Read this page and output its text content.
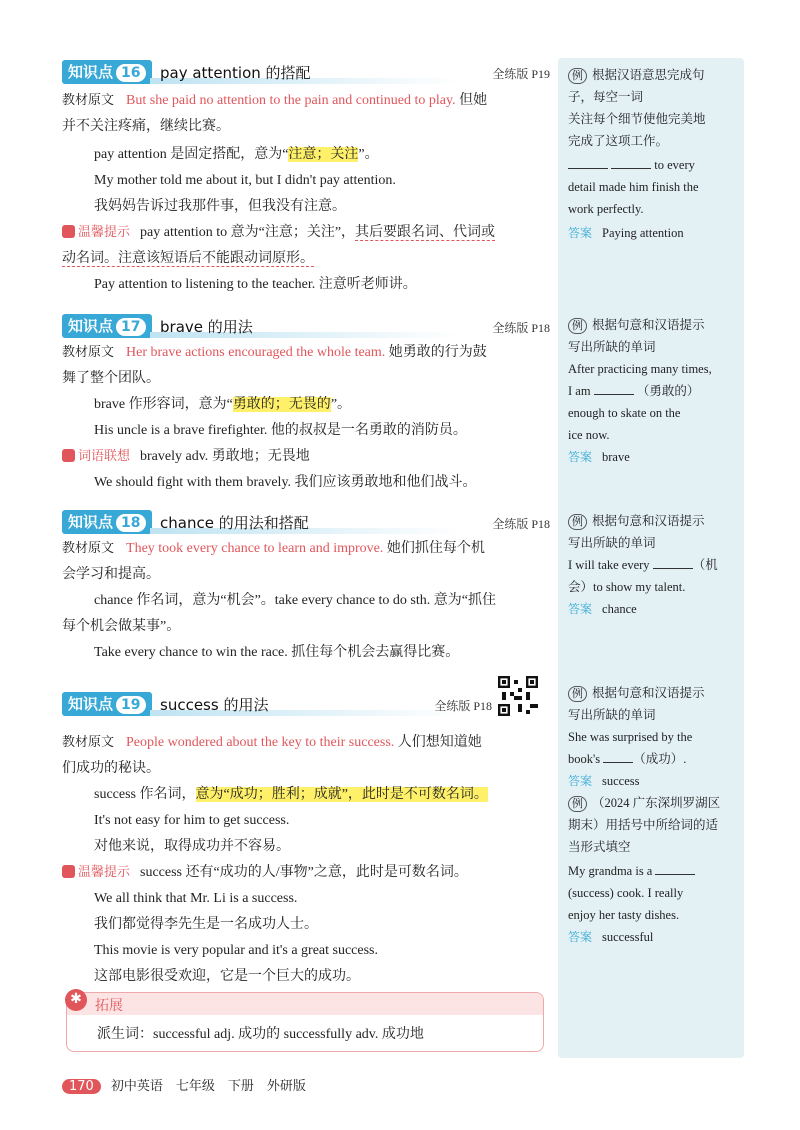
知识点 16	pay attention 的搭配	全练版 P19
教材原文 But she paid no attention to the pain and continued to play. 但她
并不关注疼痛，继续比赛。
pay attention 是固定搭配，意为“注意；关注”。
My mother told me about it, but I didn't pay attention.
我妈妈告诉过我那件事，但我没有注意。
温馨提示 pay attention to 意为“注意；关注”，其后要跟名词、代词或
动名词。注意该短语后不能跟动词原形。
Pay attention to listening to the teacher. 注意听老师讲。
知识点 17	brave 的用法	全练版 P18
教材原文 Her brave actions encouraged the whole team. 她勇敢的行为鼓
舞了整个团队。
brave 作形容词，意为“勇敢的；无畏的”。
His uncle is a brave firefighter. 他的叔叔是一名勇敢的消防员。
词语联想 bravely adv. 勇敢地；无畏地
We should fight with them bravely. 我们应该勇敢地和他们战斗。
知识点 18	chance 的用法和搭配	全练版 P18
教材原文 They took every chance to learn and improve. 她们抓住每个机
会学习和提高。
chance 作名词，意为“机会”。take every chance to do sth. 意为“抓住
每个机会做某事”。
Take every chance to win the race. 抓住每个机会去赢得比赛。
知识点 19	success 的用法	全练版 P18
教材原文 People wondered about the key to their success. 人们想知道她
们成功的秘诀。
success 作名词，意为“成功；胜利；成就”，此时是不可数名词。
It's not easy for him to get success.
对他来说，取得成功并不容易。
温馨提示 success 还有“成功的人/事物”之意，此时是可数名词。
We all think that Mr. Li is a success.
我们都觉得李先生是一名成功人士。
This movie is very popular and it's a great success.
这部电影很受欢迎，它是一个巨大的成功。
✱ 拓展
派生词：successful adj. 成功的 successfully adv. 成功地
例 根据汉语意思完成句
子，每空一词
关注每个细节使他完美地
完成了这项工作。
to every
detail made him finish the
work perfectly.
答案 Paying attention
例 根据句意和汉语提示
写出所缺的单词
After practicing many times,
I am	（勇敢的）
enough to skate on the
ice now.
答案 brave
例 根据句意和汉语提示
写出所缺的单词
I will take every	（机
会）to show my talent.
答案 chance
例 根据句意和汉语提示
写出所缺的单词
She was surprised by the
book's	（成功）.
答案 success
例 （2024 广东深圳罗湖区
期末）用括号中所给词的适
当形式填空
My grandma is a
(success) cook. I really
enjoy her tasty dishes.
答案 successful
170 初中英语　七年级　下册　外研版
